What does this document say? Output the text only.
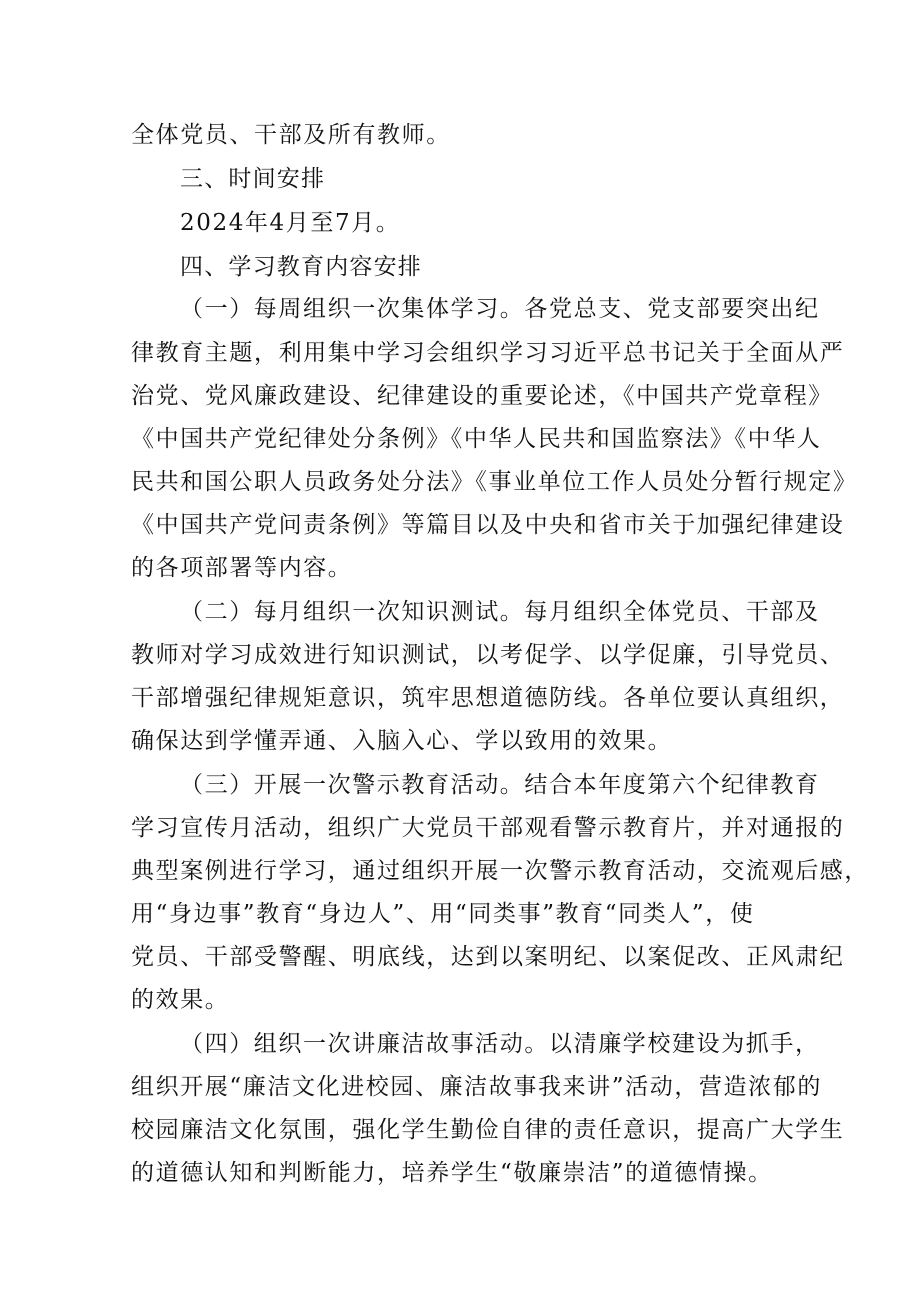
全体党员、干部及所有教师。
三、时间安排
2024年4月至7月。
四、学习教育内容安排
（一）每周组织一次集体学习。各党总支、党支部要突出纪
律教育主题，利用集中学习会组织学习习近平总书记关于全面从严
治党、党风廉政建设、纪律建设的重要论述，《中国共产党章程》
《中国共产党纪律处分条例》《中华人民共和国监察法》《中华人
民共和国公职人员政务处分法》《事业单位工作人员处分暂行规定》
《中国共产党问责条例》等篇目以及中央和省市关于加强纪律建设
的各项部署等内容。
（二）每月组织一次知识测试。每月组织全体党员、干部及
教师对学习成效进行知识测试，以考促学、以学促廉，引导党员、
干部增强纪律规矩意识，筑牢思想道德防线。各单位要认真组织，
确保达到学懂弄通、入脑入心、学以致用的效果。
（三）开展一次警示教育活动。结合本年度第六个纪律教育
学习宣传月活动，组织广大党员干部观看警示教育片，并对通报的
典型案例进行学习，通过组织开展一次警示教育活动，交流观后感，
用“身边事”教育“身边人”、用“同类事”教育“同类人”，使
党员、干部受警醒、明底线，达到以案明纪、以案促改、正风肃纪
的效果。
（四）组织一次讲廉洁故事活动。以清廉学校建设为抓手，
组织开展“廉洁文化进校园、廉洁故事我来讲”活动，营造浓郁的
校园廉洁文化氛围，强化学生勤俭自律的责任意识，提高广大学生
的道德认知和判断能力，培养学生“敬廉崇洁”的道德情操。
